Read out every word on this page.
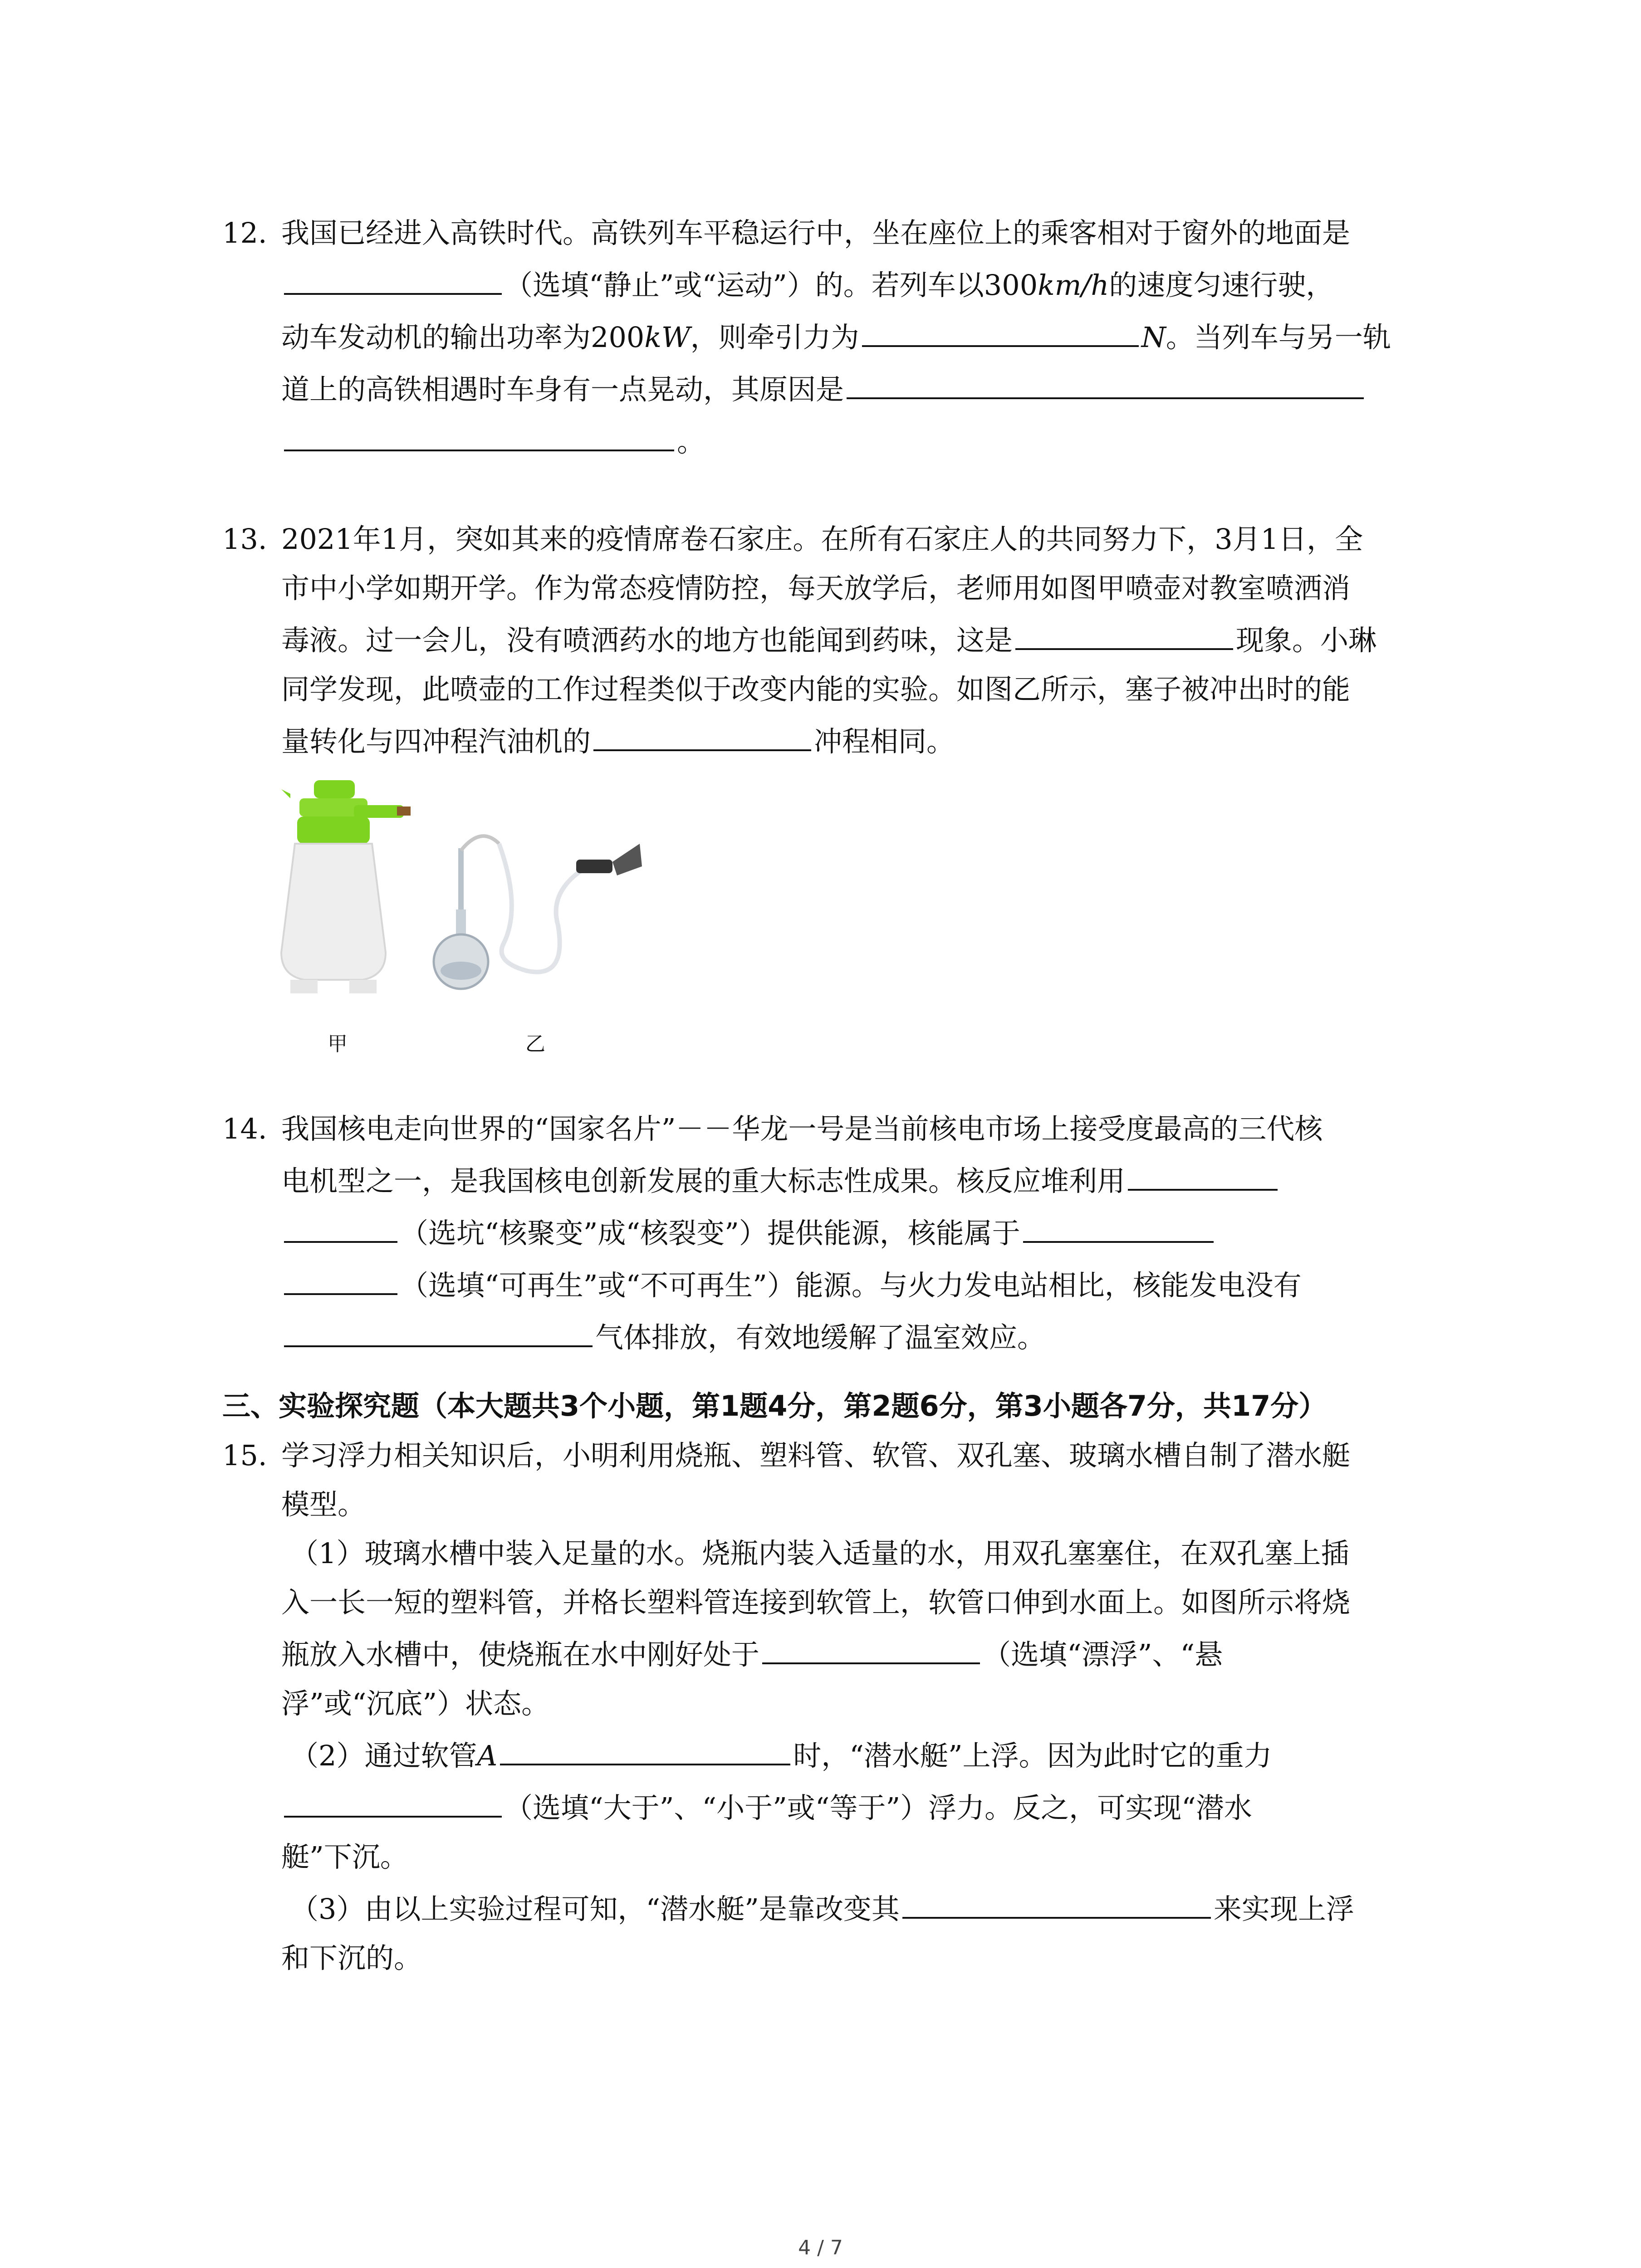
12. 我国已经进入高铁时代。高铁列车平稳运行中，坐在座位上的乘客相对于窗外的地面是
（选填“静止”或“运动”）的。若列车以300km/h的速度匀速行驶，
动车发动机的输出功率为200kW，则牵引力为	N。当列车与另一轨
道上的高铁相遇时车身有一点晃动，其原因是
。
13. 2021年1月，突如其来的疫情席卷石家庄。在所有石家庄人的共同努力下，3月1日，全
市中小学如期开学。作为常态疫情防控，每天放学后，老师用如图甲喷壶对教室喷洒消
毒液。过一会儿，没有喷洒药水的地方也能闻到药味，这是	现象。小琳
同学发现，此喷壶的工作过程类似于改变内能的实验。如图乙所示，塞子被冲出时的能
量转化与四冲程汽油机的	冲程相同。
甲	乙
14. 我国核电走向世界的“国家名片”－－华龙一号是当前核电市场上接受度最高的三代核
电机型之一，是我国核电创新发展的重大标志性成果。核反应堆利用
（选坑“核聚变”成“核裂变”）提供能源，核能属于
（选填“可再生”或“不可再生”）能源。与火力发电站相比，核能发电没有
气体排放，有效地缓解了温室效应。
三、实验探究题（本大题共3个小题，第1题4分，第2题6分，第3小题各7分，共17分）
15. 学习浮力相关知识后，小明利用烧瓶、塑料管、软管、双孔塞、玻璃水槽自制了潜水艇
模型。
（1）玻璃水槽中装入足量的水。烧瓶内装入适量的水，用双孔塞塞住，在双孔塞上插
入一长一短的塑料管，并格长塑料管连接到软管上，软管口伸到水面上。如图所示将烧
瓶放入水槽中，使烧瓶在水中刚好处于	（选填“漂浮”、“悬
浮”或“沉底”）状态。
（2）通过软管A	时，“潜水艇”上浮。因为此时它的重力
（选填“大于”、“小于”或“等于”）浮力。反之，可实现“潜水
艇”下沉。
（3）由以上实验过程可知，“潜水艇”是靠改变其	来实现上浮
和下沉的。
4 / 7
